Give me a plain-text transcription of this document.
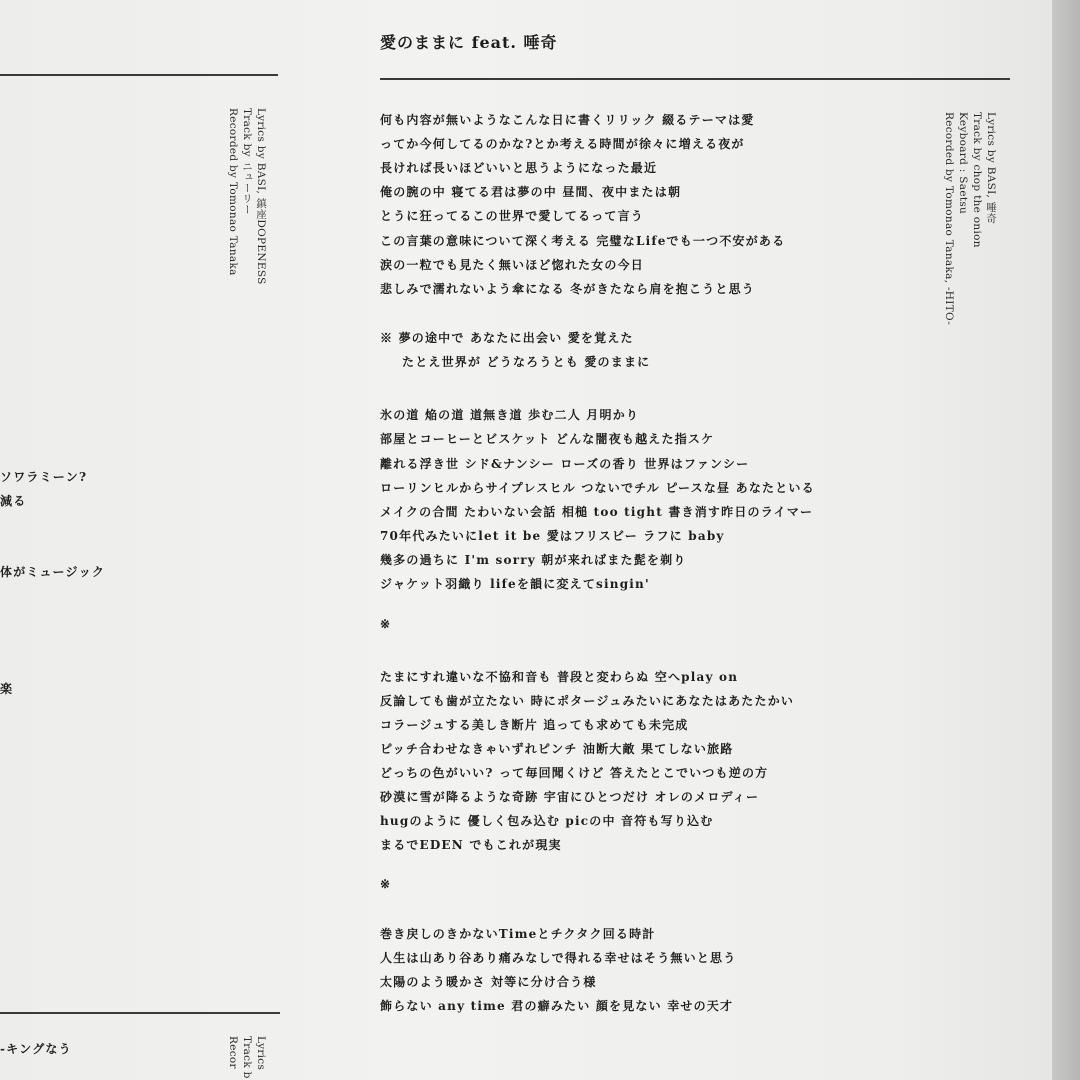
愛のままに feat. 唾奇
Lyrics by BASI, 唾奇
Track by chop the onion
Keyboard : Saetsu
Recorded by Tomonao Tanaka, -HITO-
Lyrics by BASI, 鎮座DOPENESS
Track by ニューリー
Recorded by Tomonao Tanaka
Lyrics
Track b
Recor
ソワラミーン?
減る
体がミュージック
楽
-キングなう
何も内容が無いようなこんな日に書くリリック 綴るテーマは愛
ってか今何してるのかな?とか考える時間が徐々に増える夜が
長ければ長いほどいいと思うようになった最近
俺の腕の中 寝てる君は夢の中 昼間、夜中または朝
とうに狂ってるこの世界で愛してるって言う
この言葉の意味について深く考える 完璧なLifeでも一つ不安がある
涙の一粒でも見たく無いほど惚れた女の今日
悲しみで濡れないよう傘になる 冬がきたなら肩を抱こうと思う
※ 夢の途中で あなたに出会い 愛を覚えた
たとえ世界が どうなろうとも 愛のままに
氷の道 焔の道 道無き道 歩む二人 月明かり
部屋とコーヒーとビスケット どんな闇夜も越えた指スケ
離れる浮き世 シド&ナンシー ローズの香り 世界はファンシー
ローリンヒルからサイプレスヒル つないでチル ピースな昼 あなたといる
メイクの合間 たわいない会話 相槌 too tight 書き消す昨日のライマー
70年代みたいにlet it be 愛はフリスビー ラフに baby
幾多の過ちに I'm sorry 朝が来ればまた髭を剃り
ジャケット羽織り lifeを韻に変えてsingin'
※
たまにすれ違いな不協和音も 普段と変わらぬ 空へplay on
反論しても歯が立たない 時にポタージュみたいにあなたはあたたかい
コラージュする美しき断片 追っても求めても未完成
ピッチ合わせなきゃいずれピンチ 油断大敵 果てしない旅路
どっちの色がいい? って毎回聞くけど 答えたとこでいつも逆の方
砂漠に雪が降るような奇跡 宇宙にひとつだけ オレのメロディー
hugのように 優しく包み込む picの中 音符も写り込む
まるでEDEN でもこれが現実
※
巻き戻しのきかないTimeとチクタク回る時計
人生は山あり谷あり痛みなしで得れる幸せはそう無いと思う
太陽のよう暖かさ 対等に分け合う様
飾らない any time 君の癖みたい 顔を見ない 幸せの天才
